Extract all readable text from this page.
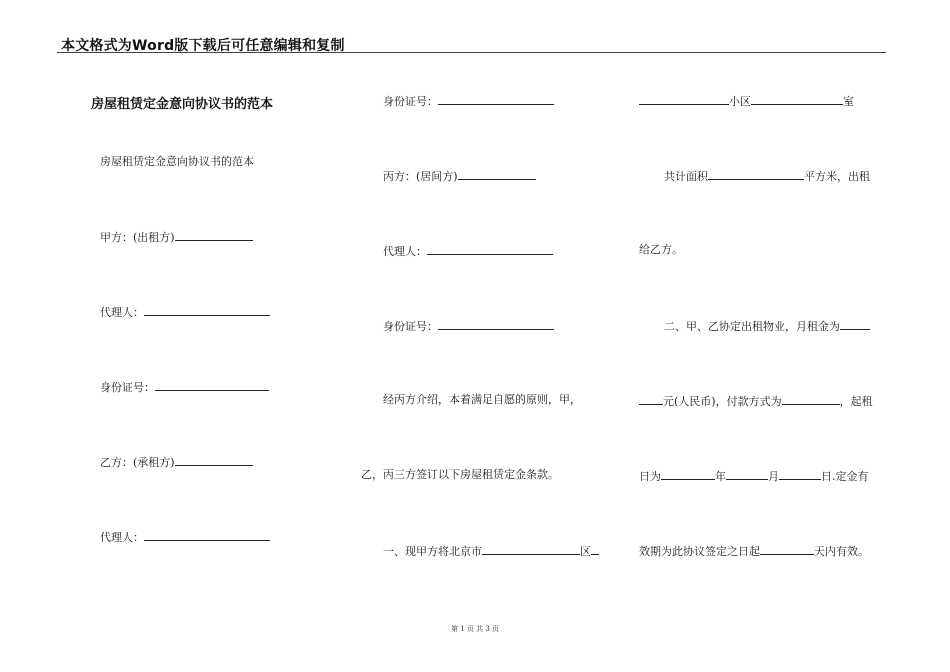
本文格式为Word版下载后可任意编辑和复制
房屋租赁定金意向协议书的范本
房屋租赁定金意向协议书的范本
甲方：(出租方)
代理人：
身份证号：
乙方：(承租方)
代理人：
身份证号：
丙方：(居间方)
代理人：
身份证号：
经丙方介绍，本着满足自愿的原则，甲，
乙，丙三方签订以下房屋租赁定金条款。
一、现甲方将北京市	区
小区	室
共计面积	平方米，出租
给乙方。
二、甲、乙协定出租物业，月租金为
元(人民币)，付款方式为	，起租
日为	年	月	日.定金有
效期为此协议签定之日起	天内有效。
第 1 页 共 3 页
